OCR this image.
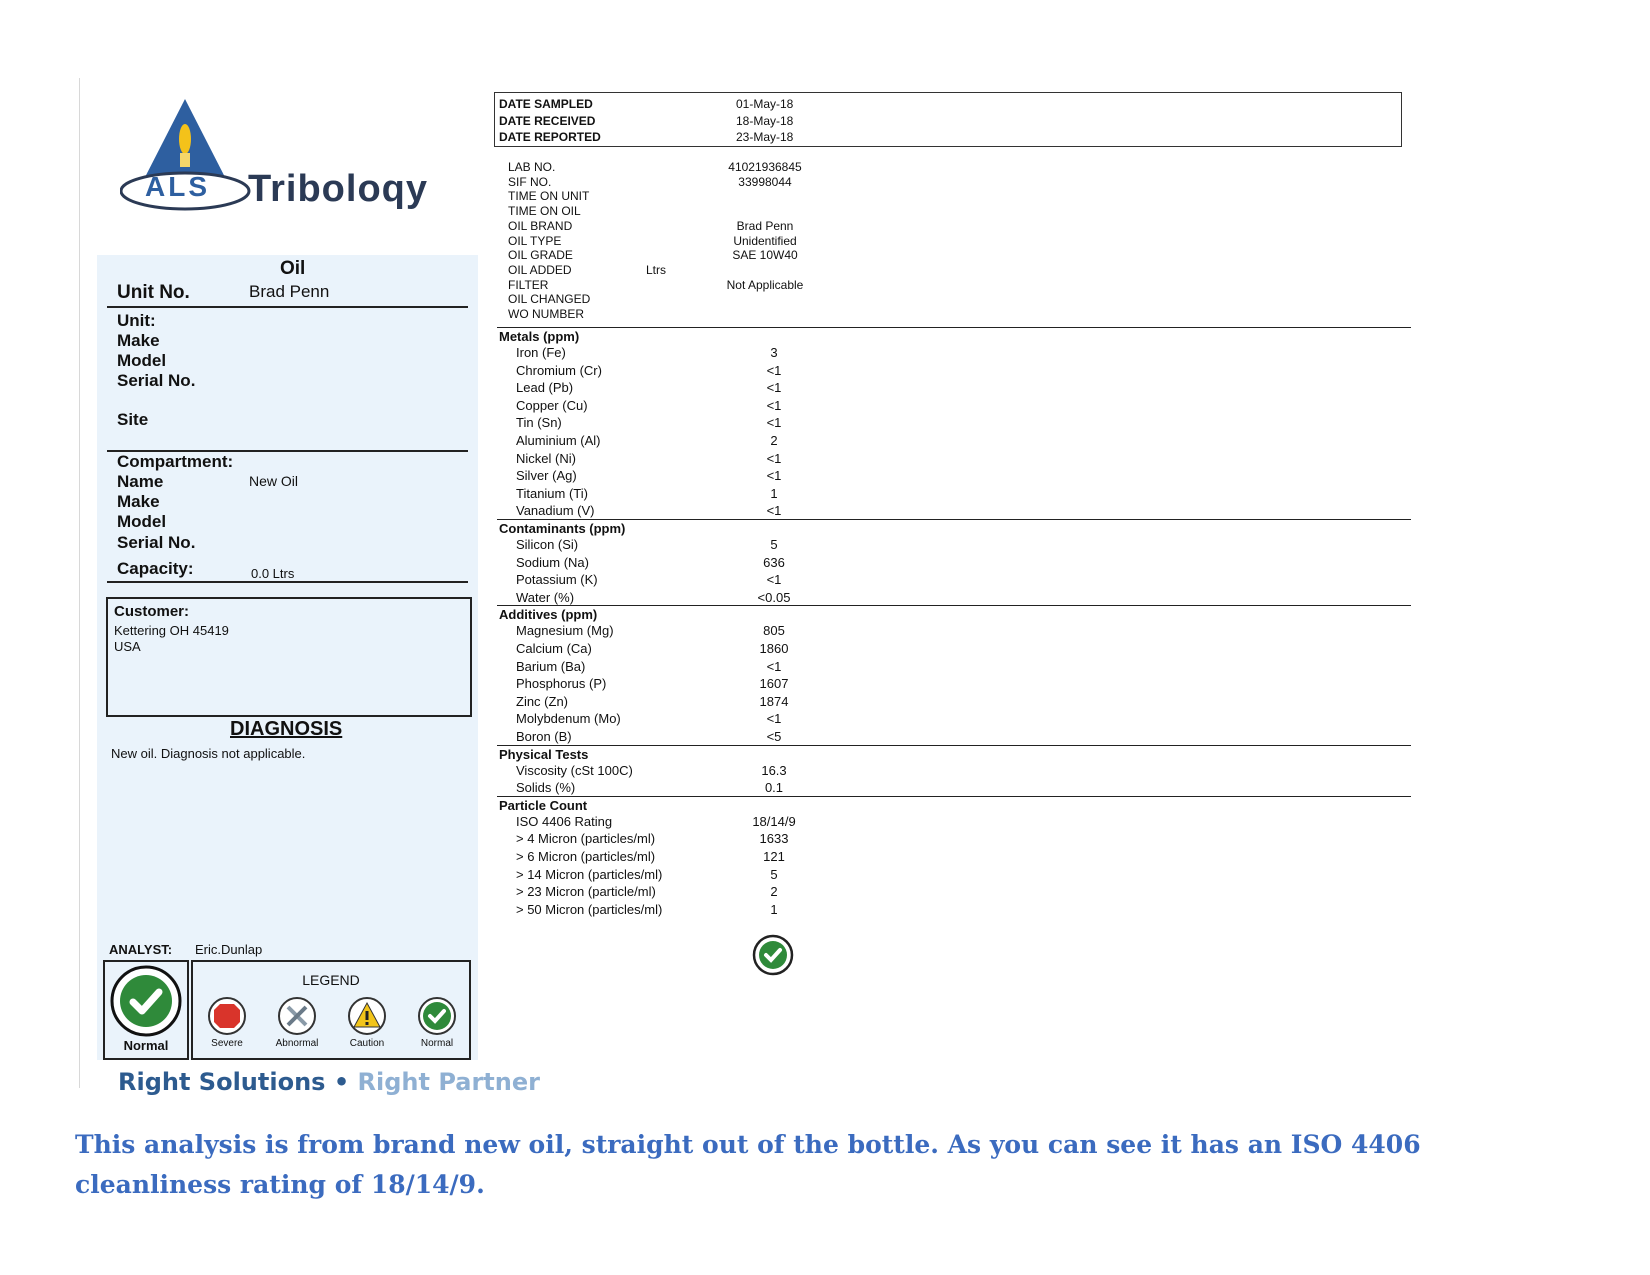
ALS Triboloqy
Oil
Unit No.	Brad Penn
Unit:
Make
Model
Serial No.
Site
Compartment:
Name	New Oil
Make
Model
Serial No.
Capacity:	0.0 Ltrs
Customer:
Kettering OH 45419
USA
DIAGNOSIS
New oil. Diagnosis not applicable.
ANALYST: Eric.Dunlap
Normal
LEGEND
Severe	Abnormal	Caution	Normal
Right Solutions • Right Partner
DATE SAMPLED	01-May-18
DATE RECEIVED	18-May-18
DATE REPORTED	23-May-18
LAB NO.	41021936845
SIF NO.	33998044
TIME ON UNIT
TIME ON OIL
OIL BRAND	Brad Penn
OIL TYPE	Unidentified
OIL GRADE	SAE 10W40
OIL ADDED	Ltrs
FILTER	Not Applicable
OIL CHANGED
WO NUMBER
Metals (ppm)
Iron (Fe)	3
Chromium (Cr)	<1
Lead (Pb)	<1
Copper (Cu)	<1
Tin (Sn)	<1
Aluminium (Al)	2
Nickel (Ni)	<1
Silver (Ag)	<1
Titanium (Ti)	1
Vanadium (V)	<1
Contaminants (ppm)
Silicon (Si)	5
Sodium (Na)	636
Potassium (K)	<1
Water (%)	<0.05
Additives (ppm)
Magnesium (Mg)	805
Calcium (Ca)	1860
Barium (Ba)	<1
Phosphorus (P)	1607
Zinc (Zn)	1874
Molybdenum (Mo)	<1
Boron (B)	<5
Physical Tests
Viscosity (cSt 100C)	16.3
Solids (%)	0.1
Particle Count
ISO 4406 Rating	18/14/9
> 4 Micron (particles/ml)	1633
> 6 Micron (particles/ml)	121
> 14 Micron (particles/ml)	5
> 23 Micron (particle/ml)	2
> 50 Micron (particles/ml)	1
This analysis is from brand new oil, straight out of the bottle. As you can see it has an ISO 4406 cleanliness rating of 18/14/9.
